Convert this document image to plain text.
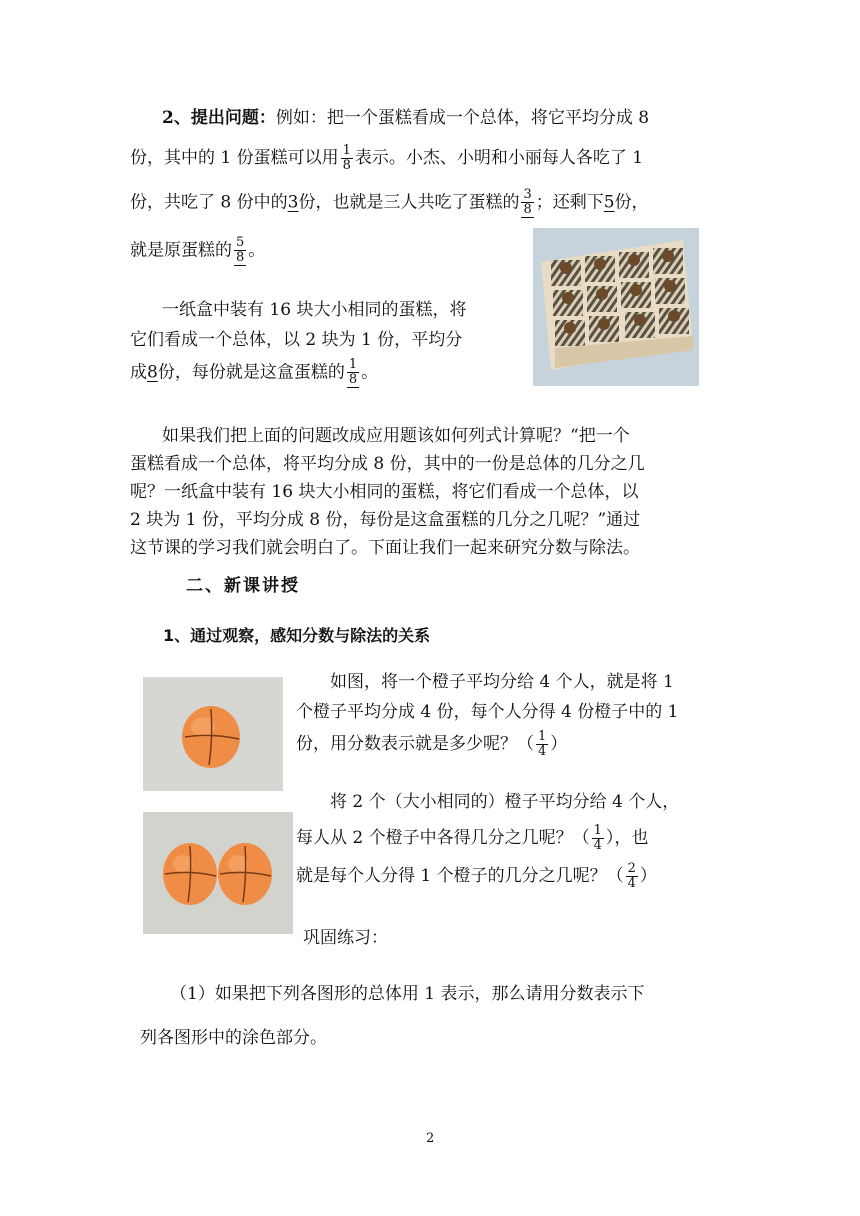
2、提出问题：例如：把一个蛋糕看成一个总体，将它平均分成 8
份，其中的 1 份蛋糕可以用 $\frac{1}{8}$ 表示。小杰、小明和小丽每人各吃了 1
份，共吃了 8 份中的3份，也就是三人共吃了蛋糕的 $\frac{3}{8}$ ；还剩下5份，
就是原蛋糕的 $\frac{5}{8}$ 。
一纸盒中装有 16 块大小相同的蛋糕，将
它们看成一个总体，以 2 块为 1 份，平均分
成8份，每份就是这盒蛋糕的 $\frac{1}{8}$ 。
如果我们把上面的问题改成应用题该如何列式计算呢？“把一个
蛋糕看成一个总体，将平均分成 8 份，其中的一份是总体的几分之几
呢？一纸盒中装有 16 块大小相同的蛋糕，将它们看成一个总体，以
2 块为 1 份，平均分成 8 份，每份是这盒蛋糕的几分之几呢？”通过
这节课的学习我们就会明白了。下面让我们一起来研究分数与除法。
二、新课讲授
1、通过观察，感知分数与除法的关系
如图，将一个橙子平均分给 4 个人，就是将 1
个橙子平均分成 4 份，每个人分得 4 份橙子中的 1
份，用分数表示就是多少呢？（ $\frac{1}{4}$ ）
将 2 个（大小相同的）橙子平均分给 4 个人，
每人从 2 个橙子中各得几分之几呢？（ $\frac{1}{4}$ ），也
就是每个人分得 1 个橙子的几分之几呢？（ $\frac{2}{4}$ ）
巩固练习：
（1）如果把下列各图形的总体用 1 表示，那么请用分数表示下
列各图形中的涂色部分。
2
